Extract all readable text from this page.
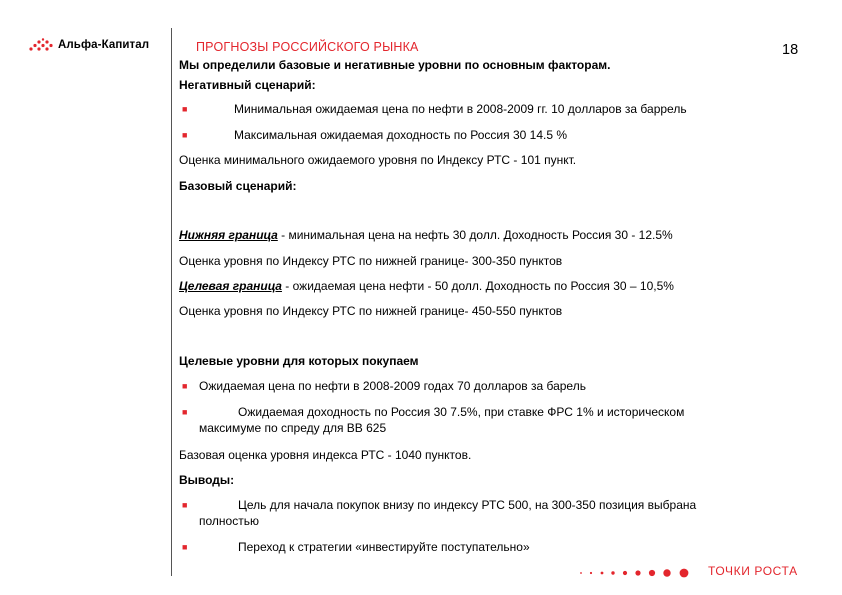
Альфа-Капитал	ПРОГНОЗЫ РОССИЙСКОГО РЫНКА	18
Мы определили базовые и негативные уровни по основным факторам.
Негативный сценарий:
■	Минимальная ожидаемая цена по нефти в 2008-2009 гг. 10 долларов за баррель
■	Максимальная ожидаемая доходность по Россия 30 14.5 %
Оценка минимального ожидаемого уровня по Индексу РТС - 101 пункт.
Базовый сценарий:
Нижняя граница - минимальная цена на нефть 30 долл. Доходность Россия 30 - 12.5%
Оценка уровня по Индексу РТС по нижней границе- 300-350 пунктов
Целевая граница - ожидаемая цена нефти - 50 долл. Доходность по Россия 30 – 10,5%
Оценка уровня по Индексу РТС по нижней границе- 450-550 пунктов
Целевые уровни для которых покупаем
■ Ожидаемая цена по нефти в 2008-2009 годах 70 долларов за барель
■	Ожидаемая доходность по Россия 30 7.5%, при ставке ФРС 1% и историческом
максимуме по спреду для ВВ 625
Базовая оценка уровня индекса РТС - 1040 пунктов.
Выводы:
■	Цель для начала покупок внизу по индексу РТС 500, на 300-350 позиция выбрана
полностью
■	Переход к стратегии «инвестируйте поступательно»
ТОЧКИ РОСТА
